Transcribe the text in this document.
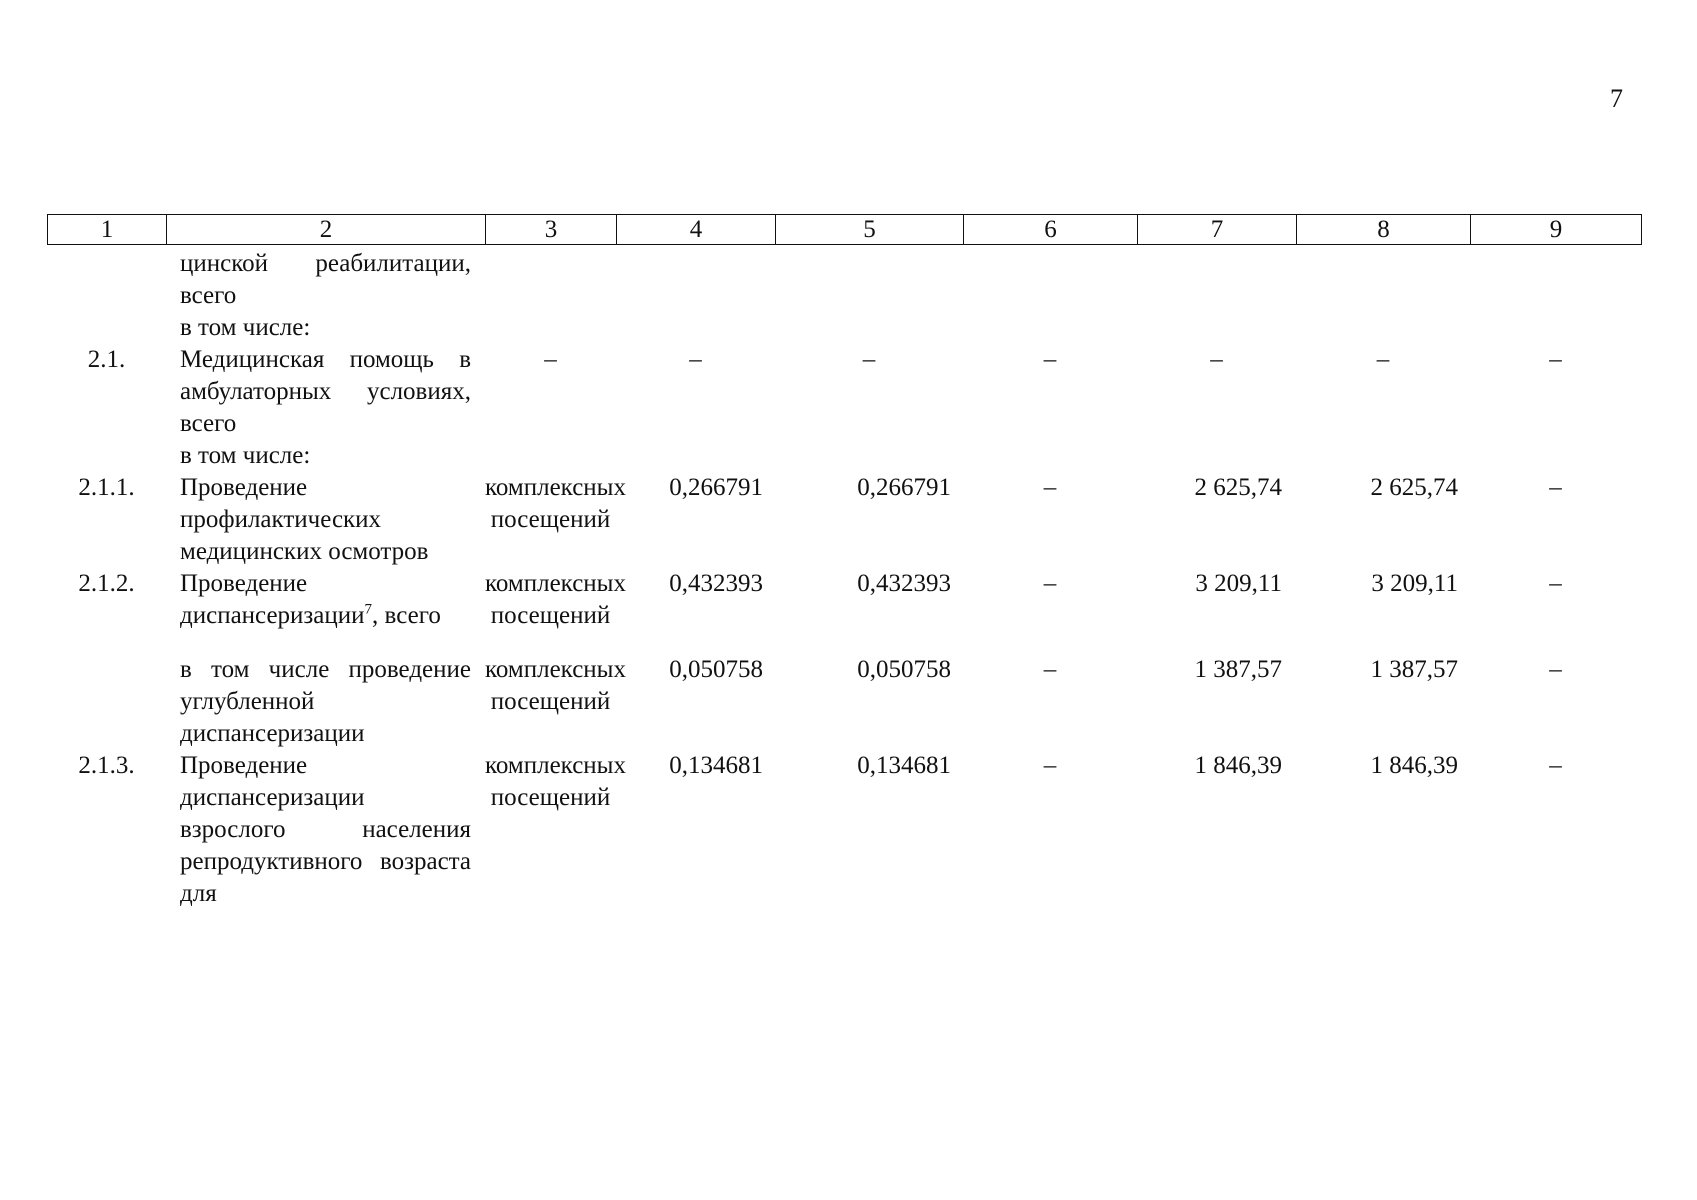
7
1	2	3	4	5	6	7	8	9
	цинской реабилитации, всего							
	в том числе:							
2.1.	Медицинская помощь в амбулаторных условиях, всего	–	–	–	–	–	–	–
	в том числе:							
2.1.1.	Проведение профилактических медицинских осмотров	комплексных посещений	0,266791	0,266791	–	2 625,74	2 625,74	–
2.1.2.	Проведение диспансеризации$^7$, всего	комплексных посещений	0,432393	0,432393	–	3 209,11	3 209,11	–
	в том числе проведение углубленной диспансеризации	комплексных посещений	0,050758	0,050758	–	1 387,57	1 387,57	–
2.1.3.	Проведение диспансеризации взрослого населения репродуктивного возраста для	комплексных посещений	0,134681	0,134681	–	1 846,39	1 846,39	–
